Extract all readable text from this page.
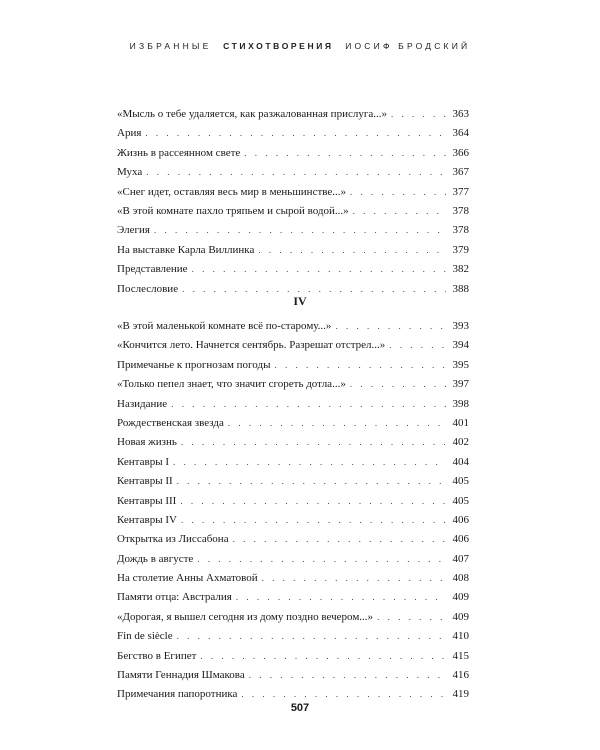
ИЗБРАННЫЕ СТИХОТВОРЕНИЯ ИОСИФ БРОДСКИЙ
«Мысль о тебе удаляется, как разжалованная прислуга...» . . .	363
Ария . . .	364
Жизнь в рассеянном свете . . .	366
Муха . . .	367
«Снег идет, оставляя весь мир в меньшинстве...» . . .	377
«В этой комнате пахло тряпьем и сырой водой...» . . .	378
Элегия . . .	378
На выставке Карла Виллинка . . .	379
Представление . . .	382
Послесловие . . .	388
IV
«В этой маленькой комнате всё по-старому...» . . .	393
«Кончится лето. Начнется сентябрь. Разрешат отстрел...» . . .	394
Примечанье к прогнозам погоды . . .	395
«Только пепел знает, что значит сгореть дотла...» . . .	397
Назидание . . .	398
Рождественская звезда . . .	401
Новая жизнь . . .	402
Кентавры I . . .	404
Кентавры II . . .	405
Кентавры III . . .	405
Кентавры IV . . .	406
Открытка из Лиссабона . . .	406
Дождь в августе . . .	407
На столетие Анны Ахматовой . . .	408
Памяти отца: Австралия . . .	409
«Дорогая, я вышел сегодня из дому поздно вечером...» . . .	409
Fin de siècle . . .	410
Бегство в Египет . . .	415
Памяти Геннадия Шмакова . . .	416
Примечания папоротника . . .	419
507
